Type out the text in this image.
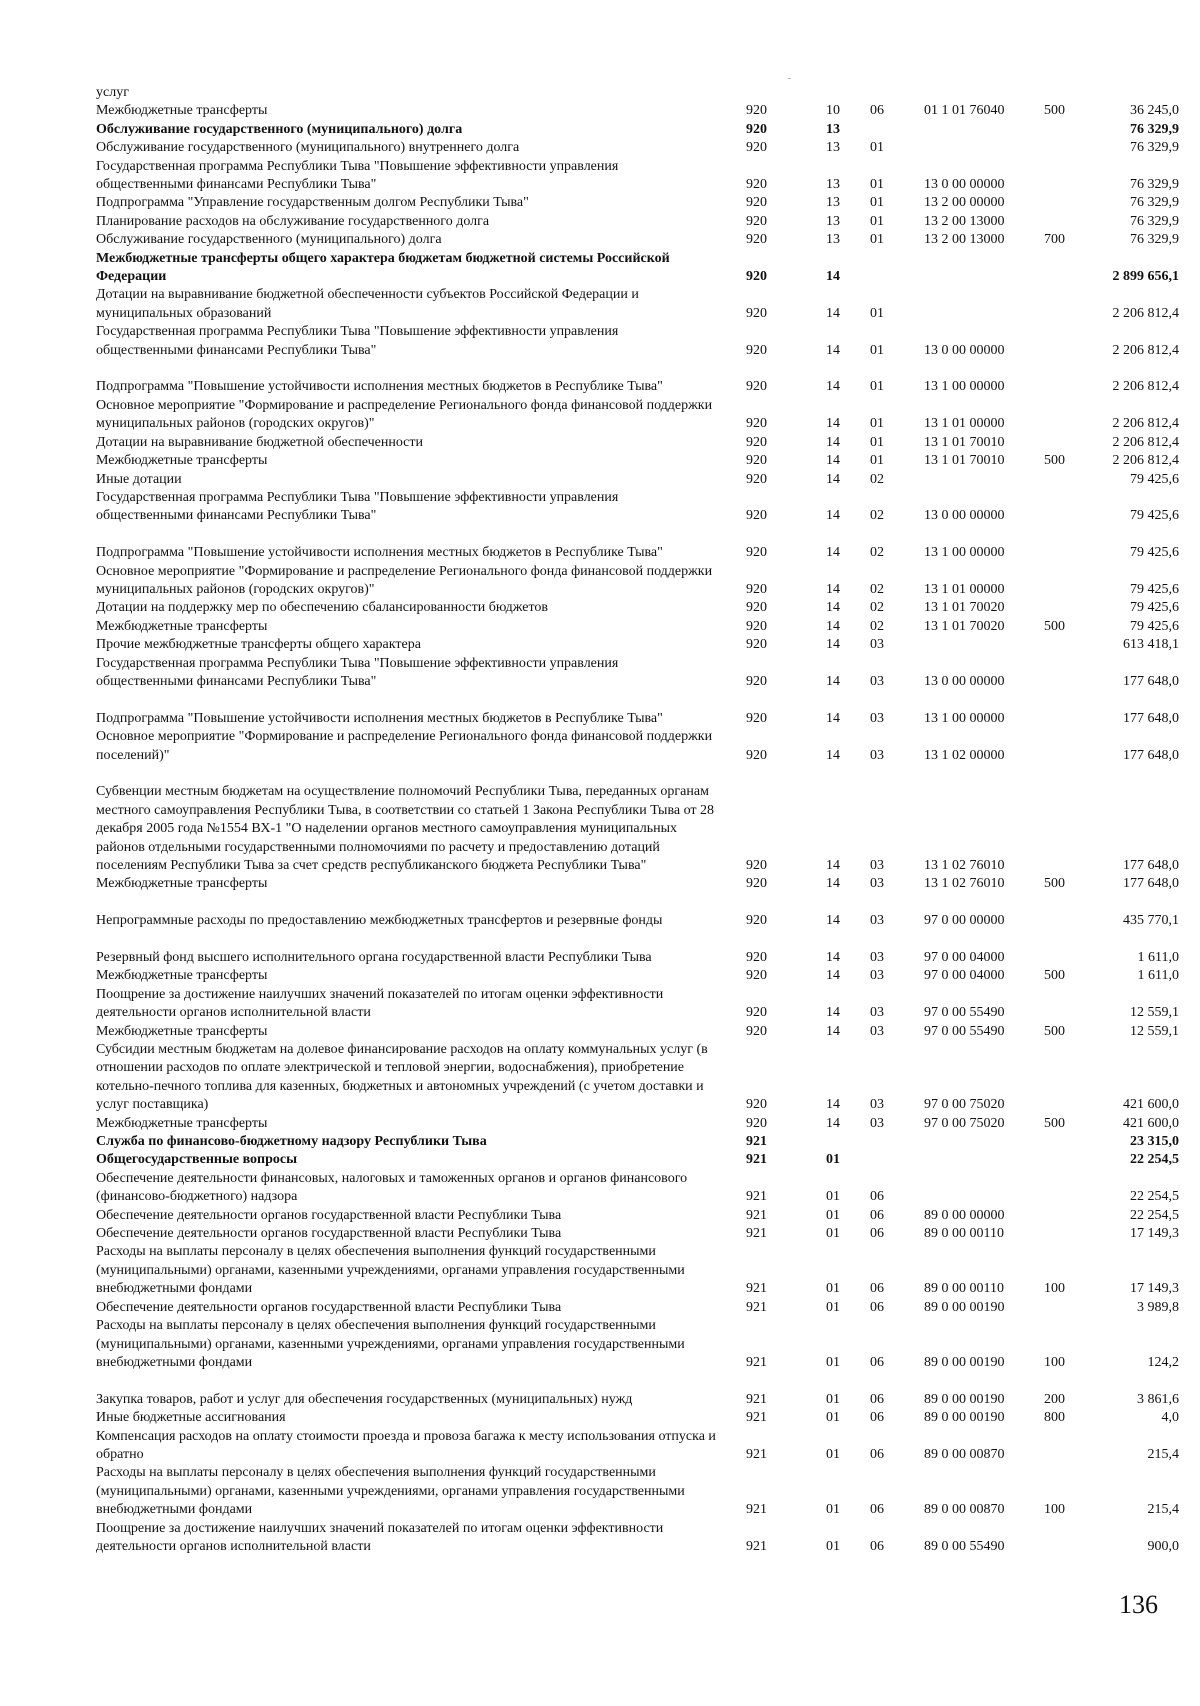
услуг						
Межбюджетные трансферты	920	10	06	01 1 01 76040	500	36 245,0
Обслуживание государственного (муниципального) долга	920	13				76 329,9
Обслуживание государственного (муниципального) внутреннего долга	920	13	01			76 329,9
Государственная программа Республики Тыва "Повышение эффективности управления общественными финансами Республики Тыва"	920	13	01	13 0 00 00000		76 329,9
Подпрограмма "Управление государственным долгом Республики Тыва"	920	13	01	13 2 00 00000		76 329,9
Планирование расходов на обслуживание государственного долга	920	13	01	13 2 00 13000		76 329,9
Обслуживание государственного (муниципального) долга	920	13	01	13 2 00 13000	700	76 329,9
Межбюджетные трансферты общего характера бюджетам бюджетной системы Российской Федерации	920	14				2 899 656,1
Дотации на выравнивание бюджетной обеспеченности субъектов Российской Федерации и муниципальных образований	920	14	01			2 206 812,4
Государственная программа Республики Тыва "Повышение эффективности управления общественными финансами Республики Тыва"	920	14	01	13 0 00 00000		2 206 812,4
Подпрограмма "Повышение устойчивости исполнения местных бюджетов в Республике Тыва"	920	14	01	13 1 00 00000		2 206 812,4
Основное мероприятие "Формирование и распределение Регионального фонда финансовой поддержки муниципальных районов (городских округов)"	920	14	01	13 1 01 00000		2 206 812,4
Дотации на выравнивание бюджетной обеспеченности	920	14	01	13 1 01 70010		2 206 812,4
Межбюджетные трансферты	920	14	01	13 1 01 70010	500	2 206 812,4
Иные дотации	920	14	02			79 425,6
Государственная программа Республики Тыва "Повышение эффективности управления общественными финансами Республики Тыва"	920	14	02	13 0 00 00000		79 425,6
Подпрограмма "Повышение устойчивости исполнения местных бюджетов в Республике Тыва"	920	14	02	13 1 00 00000		79 425,6
Основное мероприятие "Формирование и распределение Регионального фонда финансовой поддержки муниципальных районов (городских округов)"	920	14	02	13 1 01 00000		79 425,6
Дотации на поддержку мер по обеспечению сбалансированности бюджетов	920	14	02	13 1 01 70020		79 425,6
Межбюджетные трансферты	920	14	02	13 1 01 70020	500	79 425,6
Прочие межбюджетные трансферты общего характера	920	14	03			613 418,1
Государственная программа Республики Тыва "Повышение эффективности управления общественными финансами Республики Тыва"	920	14	03	13 0 00 00000		177 648,0
Подпрограмма "Повышение устойчивости исполнения местных бюджетов в Республике Тыва"	920	14	03	13 1 00 00000		177 648,0
Основное мероприятие "Формирование и распределение Регионального фонда финансовой поддержки поселений)"	920	14	03	13 1 02 00000		177 648,0
Субвенции местным бюджетам на осуществление полномочий Республики Тыва, переданных органам местного самоуправления Республики Тыва, в соответствии со статьей 1 Закона Республики Тыва от 28 декабря 2005 года №1554 ВХ-1 "О наделении органов местного самоуправления муниципальных районов отдельными государственными полномочиями по расчету и предоставлению дотаций поселениям Республики Тыва за счет средств республиканского бюджета Республики Тыва"	920	14	03	13 1 02 76010		177 648,0
Межбюджетные трансферты	920	14	03	13 1 02 76010	500	177 648,0
Непрограммные расходы по предоставлению межбюджетных трансфертов и резервные фонды	920	14	03	97 0 00 00000		435 770,1
Резервный фонд высшего исполнительного органа государственной власти Республики Тыва	920	14	03	97 0 00 04000		1 611,0
Межбюджетные трансферты	920	14	03	97 0 00 04000	500	1 611,0
Поощрение за достижение наилучших значений показателей по итогам оценки эффективности деятельности органов исполнительной власти	920	14	03	97 0 00 55490		12 559,1
Межбюджетные трансферты	920	14	03	97 0 00 55490	500	12 559,1
Субсидии местным бюджетам на долевое финансирование расходов на оплату коммунальных услуг (в отношении расходов по оплате электрической и тепловой энергии, водоснабжения), приобретение котельно-печного топлива для казенных, бюджетных и автономных учреждений (с учетом доставки и услуг поставщика)	920	14	03	97 0 00 75020		421 600,0
Межбюджетные трансферты	920	14	03	97 0 00 75020	500	421 600,0
Служба по финансово-бюджетному надзору Республики Тыва	921					23 315,0
Общегосударственные вопросы	921	01				22 254,5
Обеспечение деятельности финансовых, налоговых и таможенных органов и органов финансового (финансово-бюджетного) надзора	921	01	06			22 254,5
Обеспечение деятельности органов государственной власти Республики Тыва	921	01	06	89 0 00 00000		22 254,5
Обеспечение деятельности органов государственной власти Республики Тыва	921	01	06	89 0 00 00110		17 149,3
Расходы на выплаты персоналу в целях обеспечения выполнения функций государственными (муниципальными) органами, казенными учреждениями, органами управления государственными внебюджетными фондами	921	01	06	89 0 00 00110	100	17 149,3
Обеспечение деятельности органов государственной власти Республики Тыва	921	01	06	89 0 00 00190		3 989,8
Расходы на выплаты персоналу в целях обеспечения выполнения функций государственными (муниципальными) органами, казенными учреждениями, органами управления государственными внебюджетными фондами	921	01	06	89 0 00 00190	100	124,2
Закупка товаров, работ и услуг для обеспечения государственных (муниципальных) нужд	921	01	06	89 0 00 00190	200	3 861,6
Иные бюджетные ассигнования	921	01	06	89 0 00 00190	800	4,0
Компенсация расходов на оплату стоимости проезда и провоза багажа к месту использования отпуска и обратно	921	01	06	89 0 00 00870		215,4
Расходы на выплаты персоналу в целях обеспечения выполнения функций государственными (муниципальными) органами, казенными учреждениями, органами управления государственными внебюджетными фондами	921	01	06	89 0 00 00870	100	215,4
Поощрение за достижение наилучших значений показателей по итогам оценки эффективности деятельности органов исполнительной власти	921	01	06	89 0 00 55490		900,0
136
